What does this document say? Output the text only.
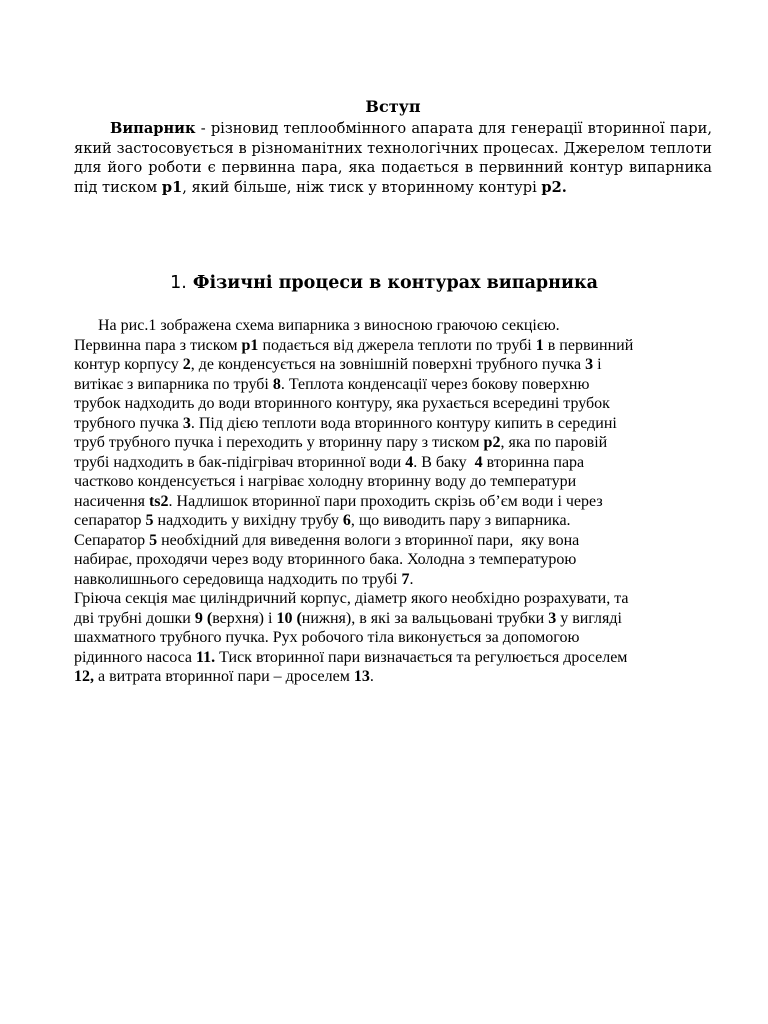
Вступ

Випарник - різновид теплообмінного апарата для генерації вторинної пари, який застосовується в різноманітних технологічних процесах. Джерелом теплоти для його роботи є первинна пара, яка подається в первинний контур випарника під тиском p1, який більше, ніж тиск у вторинному контурі p2.

1. Фізичні процеси в контурах випарника
На рис.1 зображена схема випарника з виносною граючою секцією.
Первинна пара з тиском p1 подається від джерела теплоти по трубі 1 в первинний
контур корпусу 2, де конденсується на зовнішній поверхні трубного пучка 3 і
витікає з випарника по трубі 8. Теплота конденсації через бокову поверхню
трубок надходить до води вторинного контуру, яка рухається всередині трубок
трубного пучка 3. Під дією теплоти вода вторинного контуру кипить в середині
труб трубного пучка і переходить у вторинну пару з тиском p2, яка по паровій
трубі надходить в бак-підігрівач вторинної води 4. В баку  4 вторинна пара
частково конденсується і нагріває холодну вторинну воду до температури
насичення ts2. Надлишок вторинної пари проходить скрізь об’єм води і через
сепаратор 5 надходить у вихідну трубу 6, що виводить пару з випарника.
Сепаратор 5 необхідний для виведення вологи з вторинної пари,  яку вона
набирає, проходячи через воду вторинного бака. Холодна з температурою
навколишнього середовища надходить по трубі 7.
Гріюча секція має циліндричний корпус, діаметр якого необхідно розрахувати, та
дві трубні дошки 9 (верхня) і 10 (нижня), в які за вальцьовані трубки 3 у вигляді
шахматного трубного пучка. Рух робочого тіла виконується за допомогою
рідинного насоса 11. Тиск вторинної пари визначається та регулюється дроселем
12, а витрата вторинної пари – дроселем 13.
